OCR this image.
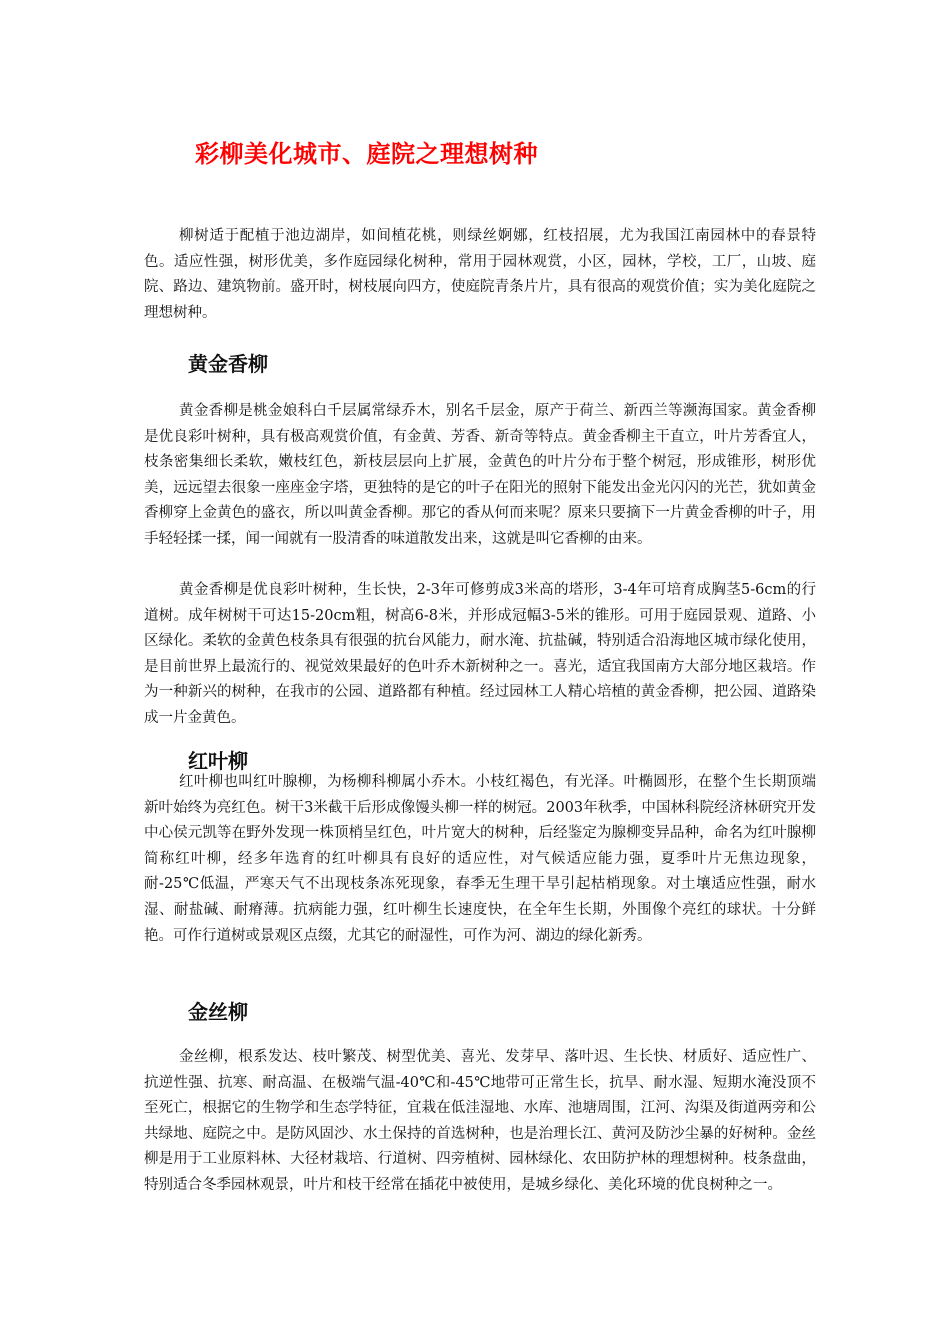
彩柳美化城市、庭院之理想树种

柳树适于配植于池边湖岸，如间植花桃，则绿丝婀娜，红枝招展，尤为我国江南园林中的春景特色。适应性强，树形优美，多作庭园绿化树种，常用于园林观赏，小区，园林，学校，工厂，山坡、庭院、路边、建筑物前。盛开时，树枝展向四方，使庭院青条片片，具有很高的观赏价值；实为美化庭院之理想树种。

黄金香柳

黄金香柳是桃金娘科白千层属常绿乔木，别名千层金，原产于荷兰、新西兰等濒海国家。黄金香柳是优良彩叶树种，具有极高观赏价值，有金黄、芳香、新奇等特点。黄金香柳主干直立，叶片芳香宜人，枝条密集细长柔软，嫩枝红色，新枝层层向上扩展，金黄色的叶片分布于整个树冠，形成锥形，树形优美，远远望去很象一座座金字塔，更独特的是它的叶子在阳光的照射下能发出金光闪闪的光芒，犹如黄金香柳穿上金黄色的盛衣，所以叫黄金香柳。那它的香从何而来呢？原来只要摘下一片黄金香柳的叶子，用手轻轻揉一揉，闻一闻就有一股清香的味道散发出来，这就是叫它香柳的由来。

黄金香柳是优良彩叶树种，生长快，2-3年可修剪成3米高的塔形，3-4年可培育成胸茎5-6cm的行道树。成年树树干可达15-20cm粗，树高6-8米，并形成冠幅3-5米的锥形。可用于庭园景观、道路、小区绿化。柔软的金黄色枝条具有很强的抗台风能力，耐水淹、抗盐碱，特别适合沿海地区城市绿化使用，是目前世界上最流行的、视觉效果最好的色叶乔木新树种之一。喜光，适宜我国南方大部分地区栽培。作为一种新兴的树种，在我市的公园、道路都有种植。经过园林工人精心培植的黄金香柳，把公园、道路染成一片金黄色。

红叶柳

红叶柳也叫红叶腺柳，为杨柳科柳属小乔木。小枝红褐色，有光泽。叶椭圆形，在整个生长期顶端新叶始终为亮红色。树干3米截干后形成像馒头柳一样的树冠。2003年秋季，中国林科院经济林研究开发中心侯元凯等在野外发现一株顶梢呈红色，叶片宽大的树种，后经鉴定为腺柳变异品种，命名为红叶腺柳简称红叶柳，经多年选育的红叶柳具有良好的适应性，对气候适应能力强，夏季叶片无焦边现象，耐-25℃低温，严寒天气不出现枝条冻死现象，春季无生理干旱引起枯梢现象。对土壤适应性强，耐水湿、耐盐碱、耐瘠薄。抗病能力强，红叶柳生长速度快，在全年生长期，外围像个亮红的球状。十分鲜艳。可作行道树或景观区点缀，尤其它的耐湿性，可作为河、湖边的绿化新秀。

金丝柳

金丝柳，根系发达、枝叶繁茂、树型优美、喜光、发芽早、落叶迟、生长快、材质好、适应性广、抗逆性强、抗寒、耐高温、在极端气温-40℃和-45℃地带可正常生长，抗旱、耐水湿、短期水淹没顶不至死亡，根据它的生物学和生态学特征，宜栽在低洼湿地、水库、池塘周围，江河、沟渠及街道两旁和公共绿地、庭院之中。是防风固沙、水土保持的首选树种，也是治理长江、黄河及防沙尘暴的好树种。金丝柳是用于工业原料林、大径材栽培、行道树、四旁植树、园林绿化、农田防护林的理想树种。枝条盘曲，特别适合冬季园林观景，叶片和枝干经常在插花中被使用，是城乡绿化、美化环境的优良树种之一。
